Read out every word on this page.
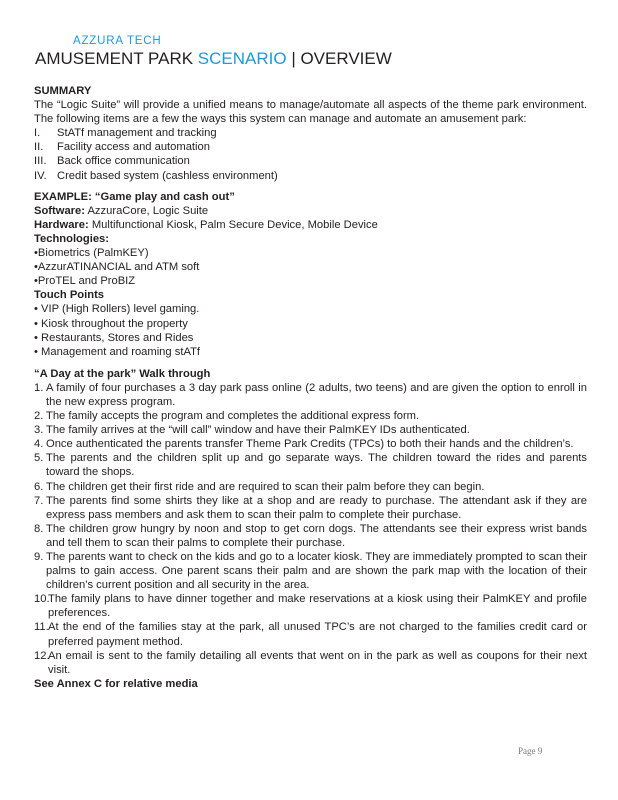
AZZURA TECH
AMUSEMENT PARK SCENARIO | OVERVIEW

SUMMARY

The “Logic Suite” will provide a unified means to manage/automate all aspects of the theme park environment. The following items are a few the ways this system can manage and automate an amusement park:

I.	StATf management and tracking
II.	Facility access and automation
III. Back office communication
IV. Credit based system (cashless environment)

EXAMPLE: “Game play and cash out”

Software: AzzuraCore, Logic Suite

Hardware: Multifunctional Kiosk, Palm Secure Device, Mobile Device

Technologies:

• Biometrics (PalmKEY)

• AzzurATINANCIAL and ATM soft

• ProTEL and ProBIZ

Touch Points

• VIP (High Rollers) level gaming.

• Kiosk throughout the property

• Restaurants, Stores and Rides

• Management and roaming stATf

“A Day at the park” Walk through

1. A family of four purchases a 3 day park pass online (2 adults, two teens) and are given the option to enroll in the new express program.
2. The family accepts the program and completes the additional express form.
3. The family arrives at the “will call” window and have their PalmKEY IDs authenticated.
4. Once authenticated the parents transfer Theme Park Credits (TPCs) to both their hands and the children’s.
5. The parents and the children split up and go separate ways. The children toward the rides and parents toward the shops.
6. The children get their first ride and are required to scan their palm before they can begin.
7. The parents find some shirts they like at a shop and are ready to purchase. The attendant ask if they are express pass members and ask them to scan their palm to complete their purchase.
8. The children grow hungry by noon and stop to get corn dogs. The attendants see their express wrist bands and tell them to scan their palms to complete their purchase.
9. The parents want to check on the kids and go to a locater kiosk. They are immediately prompted to scan their palms to gain access. One parent scans their palm and are shown the park map with the location of their children’s current position and all security in the area.
10.
The family plans to have dinner together and make reservations at a kiosk using their PalmKEY and profile preferences.
11. At the end of the families stay at the park, all unused TPC’s are not charged to the families credit card or preferred payment method.
12.
An email is sent to the family detailing all events that went on in the park as well as coupons for their next visit.

See Annex C for relative media

Page 9
